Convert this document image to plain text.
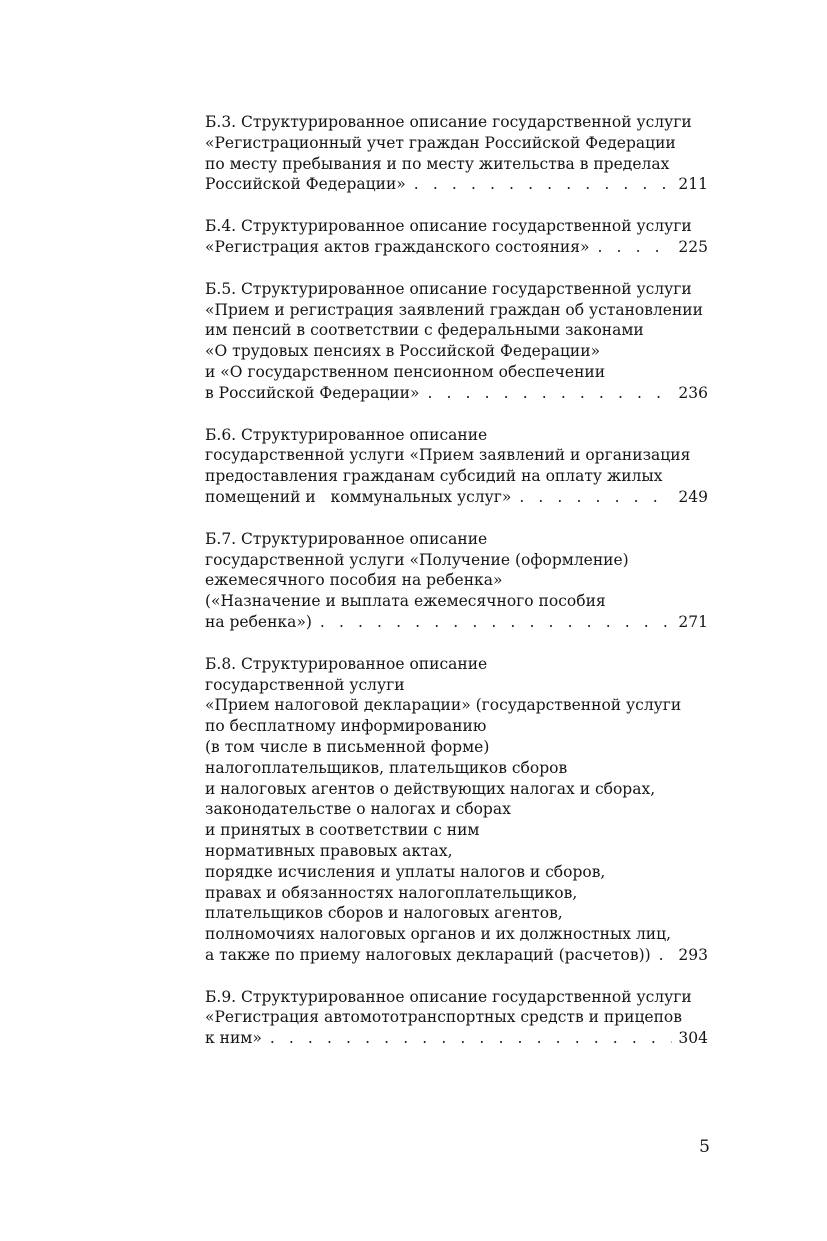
Б.3. Структурированное описание государственной услуги
«Регистрационный учет граждан Российской Федерации
по месту пребывания и по месту жительства в пределах
Российской Федерации» . . .	211
Б.4. Структурированное описание государственной услуги
«Регистрация актов гражданского состояния» . . .	225
Б.5. Структурированное описание государственной услуги
«Прием и регистрация заявлений граждан об установлении
им пенсий в соответствии с федеральными законами
«О трудовых пенсиях в Российской Федерации»
и «О государственном пенсионном обеспечении
в Российской Федерации» . . .	236
Б.6. Структурированное описание
государственной услуги «Прием заявлений и организация
предоставления гражданам субсидий на оплату жилых
помещений и   коммунальных услуг» . . .	249
Б.7. Структурированное описание
государственной услуги «Получение (оформление)
ежемесячного пособия на ребенка»
(«Назначение и выплата ежемесячного пособия
на ребенка») . . .	271
Б.8. Структурированное описание
государственной услуги
«Прием налоговой декларации» (государственной услуги
по бесплатному информированию
(в том числе в письменной форме)
налогоплательщиков, плательщиков сборов
и налоговых агентов о действующих налогах и сборах,
законодательстве о налогах и сборах
и принятых в соответствии с ним
нормативных правовых актах,
порядке исчисления и уплаты налогов и сборов,
правах и обязанностях налогоплательщиков,
плательщиков сборов и налоговых агентов,
полномочиях налоговых органов и их должностных лиц,
а также по приему налоговых деклараций (расчетов)) . . .	293
Б.9. Структурированное описание государственной услуги
«Регистрация автомототранспортных средств и прицепов
к ним» . . .	304
5
